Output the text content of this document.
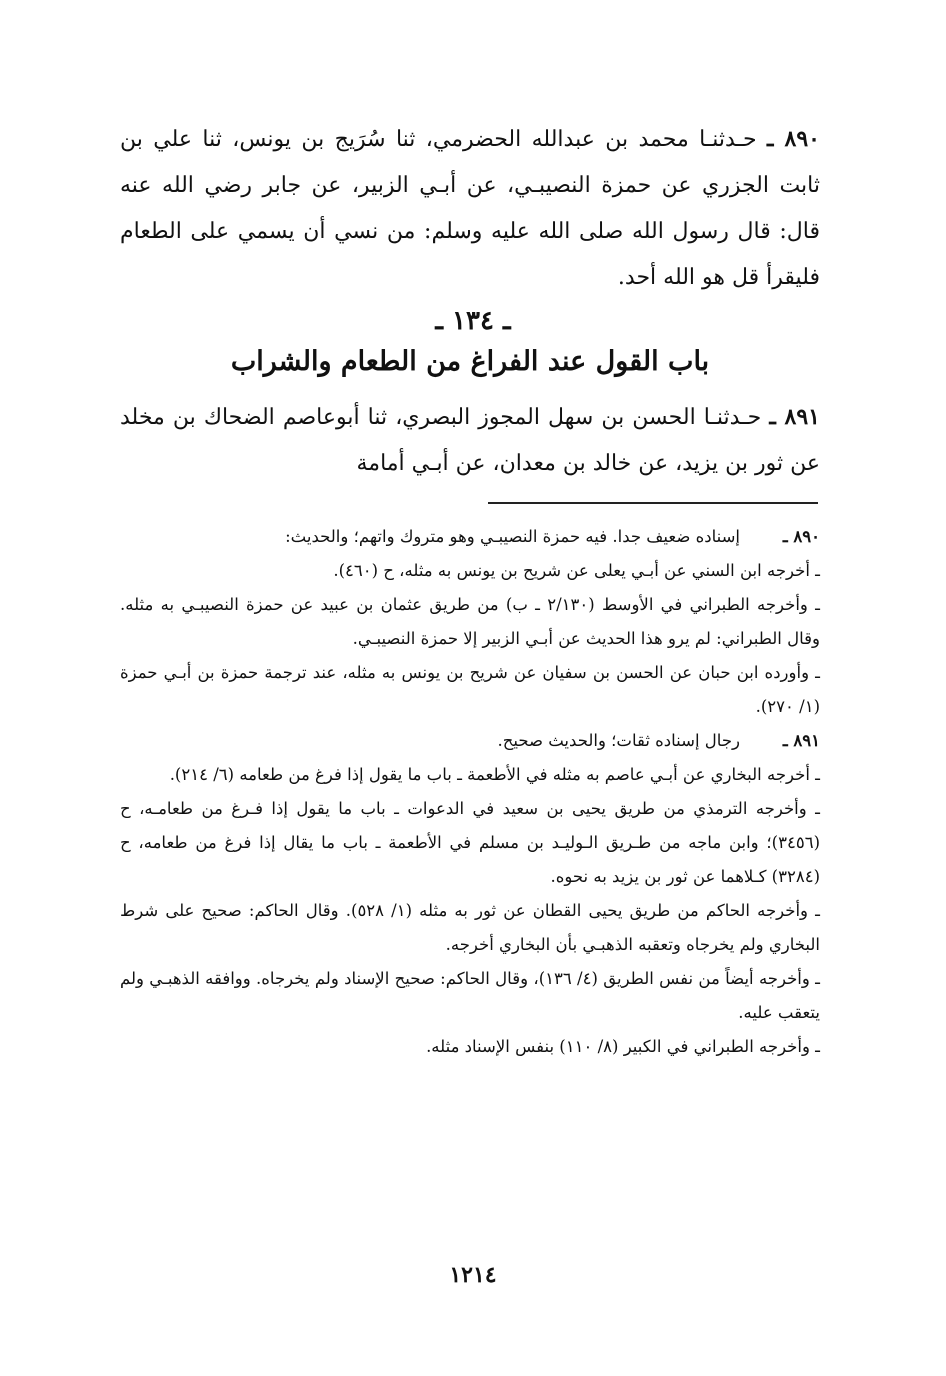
٨٩٠ ـ حـدثنـا محمد بن عبدالله الحضرمي، ثنا سُرَيج بن يونس، ثنا علي بن ثابت الجزري عن حمزة النصيبـي، عن أبـي الزبير، عن جابر رضي الله عنه قال: قال رسول الله صلى الله عليه وسلم: من نسي أن يسمي على الطعام فليقرأ قل هو الله أحد.

ـ ١٣٤ ـ
باب القول عند الفراغ من الطعام والشراب

٨٩١ ـ حـدثنـا الحسن بن سهل المجوز البصري، ثنا أبوعاصم الضحاك بن مخلد عن ثور بن يزيد، عن خالد بن معدان، عن أبـي أمامة

٨٩٠ ـ
إسناده ضعيف جدا. فيه حمزة النصيبـي وهو متروك واتهم؛ والحديث:

ـ أخرجه ابن السني عن أبـي يعلى عن شريح بن يونس به مثله، ح (٤٦٠).

ـ وأخرجه الطبراني في الأوسط (٢/١٣٠ ـ ب) من طريق عثمان بن عبيد عن حمزة النصيبـي به مثله. وقال الطبراني: لم يرو هذا الحديث عن أبـي الزبير إلا حمزة النصيبـي.

ـ وأورده ابن حبان عن الحسن بن سفيان عن شريح بن يونس به مثله، عند ترجمة حمزة بن أبـي حمزة (١/ ٢٧٠).

٨٩١ ـ
رجال إسناده ثقات؛ والحديث صحيح.

ـ أخرجه البخاري عن أبـي عاصم به مثله في الأطعمة ـ باب ما يقول إذا فرغ من طعامه (٦/ ٢١٤).

ـ وأخرجه الترمذي من طريق يحيى بن سعيد في الدعوات ـ باب ما يقول إذا فـرغ من طعامـه، ح (٣٤٥٦)؛ وابن ماجه من طـريق الـوليـد بن مسلم في الأطعمة ـ باب ما يقال إذا فرغ من طعامه، ح (٣٢٨٤) كـلاهما عن ثور بن يزيد به نحوه.

ـ وأخرجه الحاكم من طريق يحيى القطان عن ثور به مثله (١/ ٥٢٨). وقال الحاكم: صحيح على شرط البخاري ولم يخرجاه وتعقبه الذهبـي بأن البخاري أخرجه.

ـ وأخرجه أيضاً من نفس الطريق (٤/ ١٣٦)، وقال الحاكم: صحيح الإسناد ولم يخرجاه. ووافقه الذهبـي ولم يتعقب عليه.

ـ وأخرجه الطبراني في الكبير (٨/ ١١٠) بنفس الإسناد مثله.

١٢١٤
